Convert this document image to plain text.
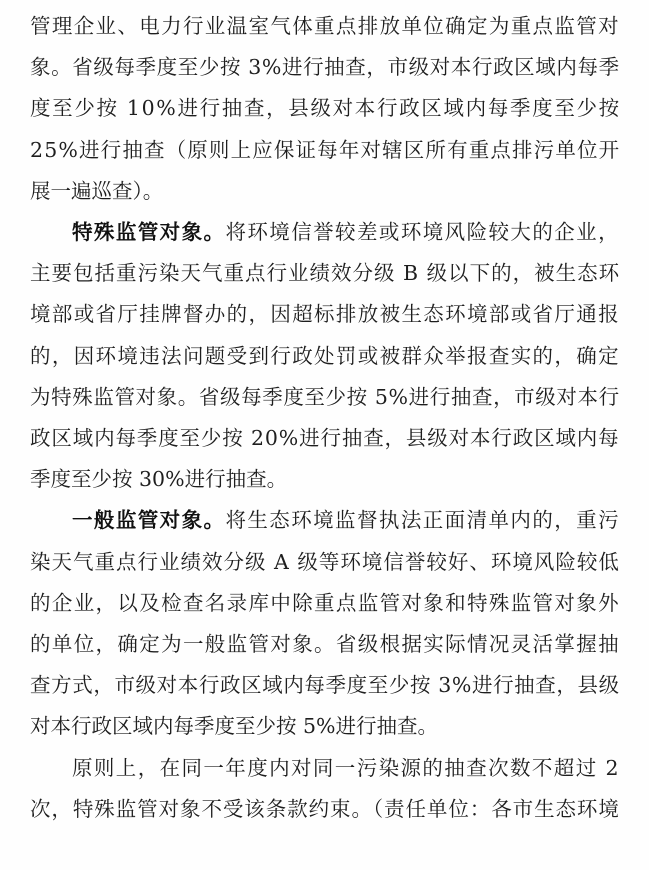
管理企业、电力行业温室气体重点排放单位确定为重点监管对
象。省级每季度至少按 3%进行抽查，市级对本行政区域内每季
度至少按 10%进行抽查，县级对本行政区域内每季度至少按
25%进行抽查（原则上应保证每年对辖区所有重点排污单位开
展一遍巡查）。
特殊监管对象。将环境信誉较差或环境风险较大的企业，
主要包括重污染天气重点行业绩效分级 B 级以下的，被生态环
境部或省厅挂牌督办的，因超标排放被生态环境部或省厅通报
的，因环境违法问题受到行政处罚或被群众举报查实的，确定
为特殊监管对象。省级每季度至少按 5%进行抽查，市级对本行
政区域内每季度至少按 20%进行抽查，县级对本行政区域内每
季度至少按 30%进行抽查。
一般监管对象。将生态环境监督执法正面清单内的，重污
染天气重点行业绩效分级 A 级等环境信誉较好、环境风险较低
的企业，以及检查名录库中除重点监管对象和特殊监管对象外
的单位，确定为一般监管对象。省级根据实际情况灵活掌握抽
查方式，市级对本行政区域内每季度至少按 3%进行抽查，县级
对本行政区域内每季度至少按 5%进行抽查。
原则上，在同一年度内对同一污染源的抽查次数不超过 2
次，特殊监管对象不受该条款约束。（责任单位：各市生态环境
